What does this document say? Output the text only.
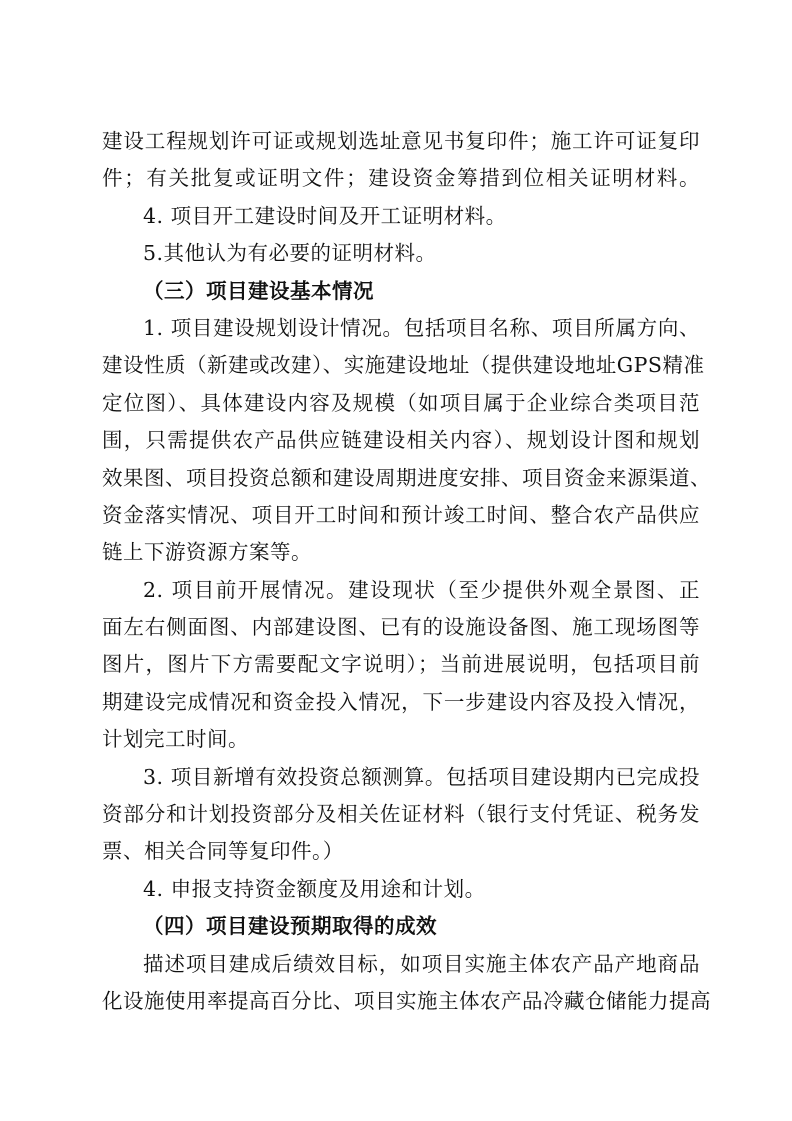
建设工程规划许可证或规划选址意见书复印件；施工许可证复印
件；有关批复或证明文件；建设资金筹措到位相关证明材料。
4. 项目开工建设时间及开工证明材料。
5.其他认为有必要的证明材料。
（三）项目建设基本情况
1. 项目建设规划设计情况。包括项目名称、项目所属方向、
建设性质（新建或改建）、实施建设地址（提供建设地址GPS精准
定位图）、具体建设内容及规模（如项目属于企业综合类项目范
围，只需提供农产品供应链建设相关内容）、规划设计图和规划
效果图、项目投资总额和建设周期进度安排、项目资金来源渠道、
资金落实情况、项目开工时间和预计竣工时间、整合农产品供应
链上下游资源方案等。
2. 项目前开展情况。建设现状（至少提供外观全景图、正
面左右侧面图、内部建设图、已有的设施设备图、施工现场图等
图片，图片下方需要配文字说明）；当前进展说明，包括项目前
期建设完成情况和资金投入情况，下一步建设内容及投入情况，
计划完工时间。
3. 项目新增有效投资总额测算。包括项目建设期内已完成投
资部分和计划投资部分及相关佐证材料（银行支付凭证、税务发
票、相关合同等复印件。）
4. 申报支持资金额度及用途和计划。
（四）项目建设预期取得的成效
描述项目建成后绩效目标，如项目实施主体农产品产地商品
化设施使用率提高百分比、项目实施主体农产品冷藏仓储能力提高
